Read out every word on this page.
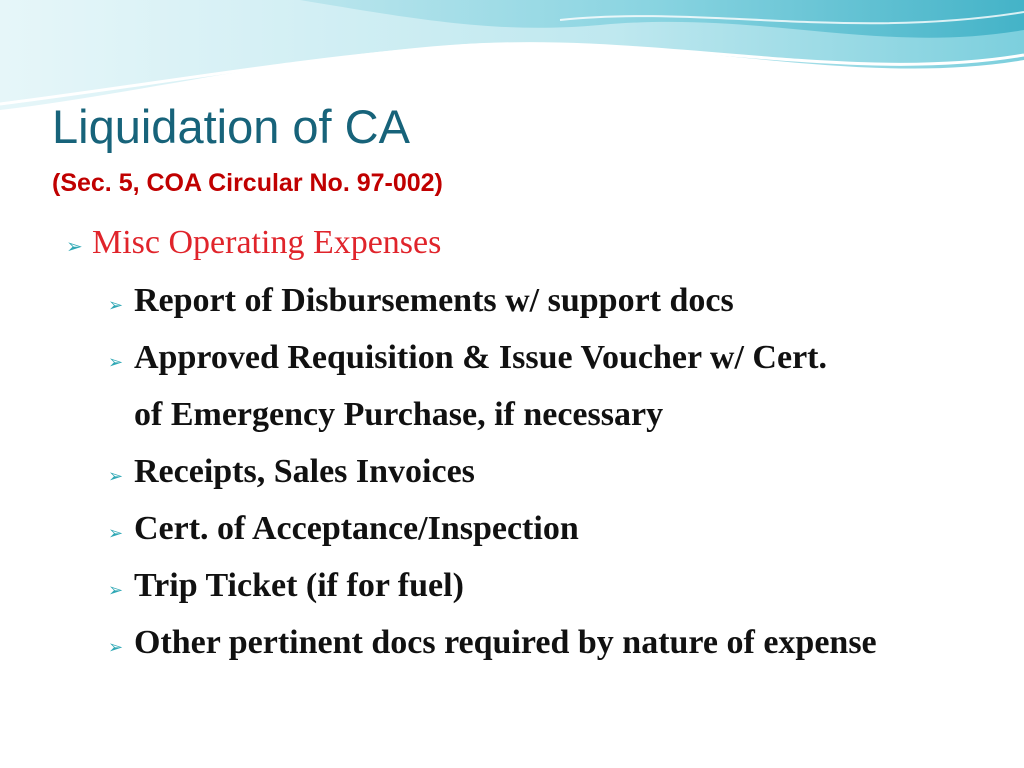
Liquidation of CA
(Sec. 5, COA Circular No. 97-002)
➢ Misc Operating Expenses
➢ Report of Disbursements w/ support docs
➢ Approved Requisition & Issue Voucher w/ Cert.
of Emergency Purchase, if necessary
➢ Receipts, Sales Invoices
➢ Cert. of Acceptance/Inspection
➢ Trip Ticket (if for fuel)
➢ Other pertinent docs required by nature of expense
